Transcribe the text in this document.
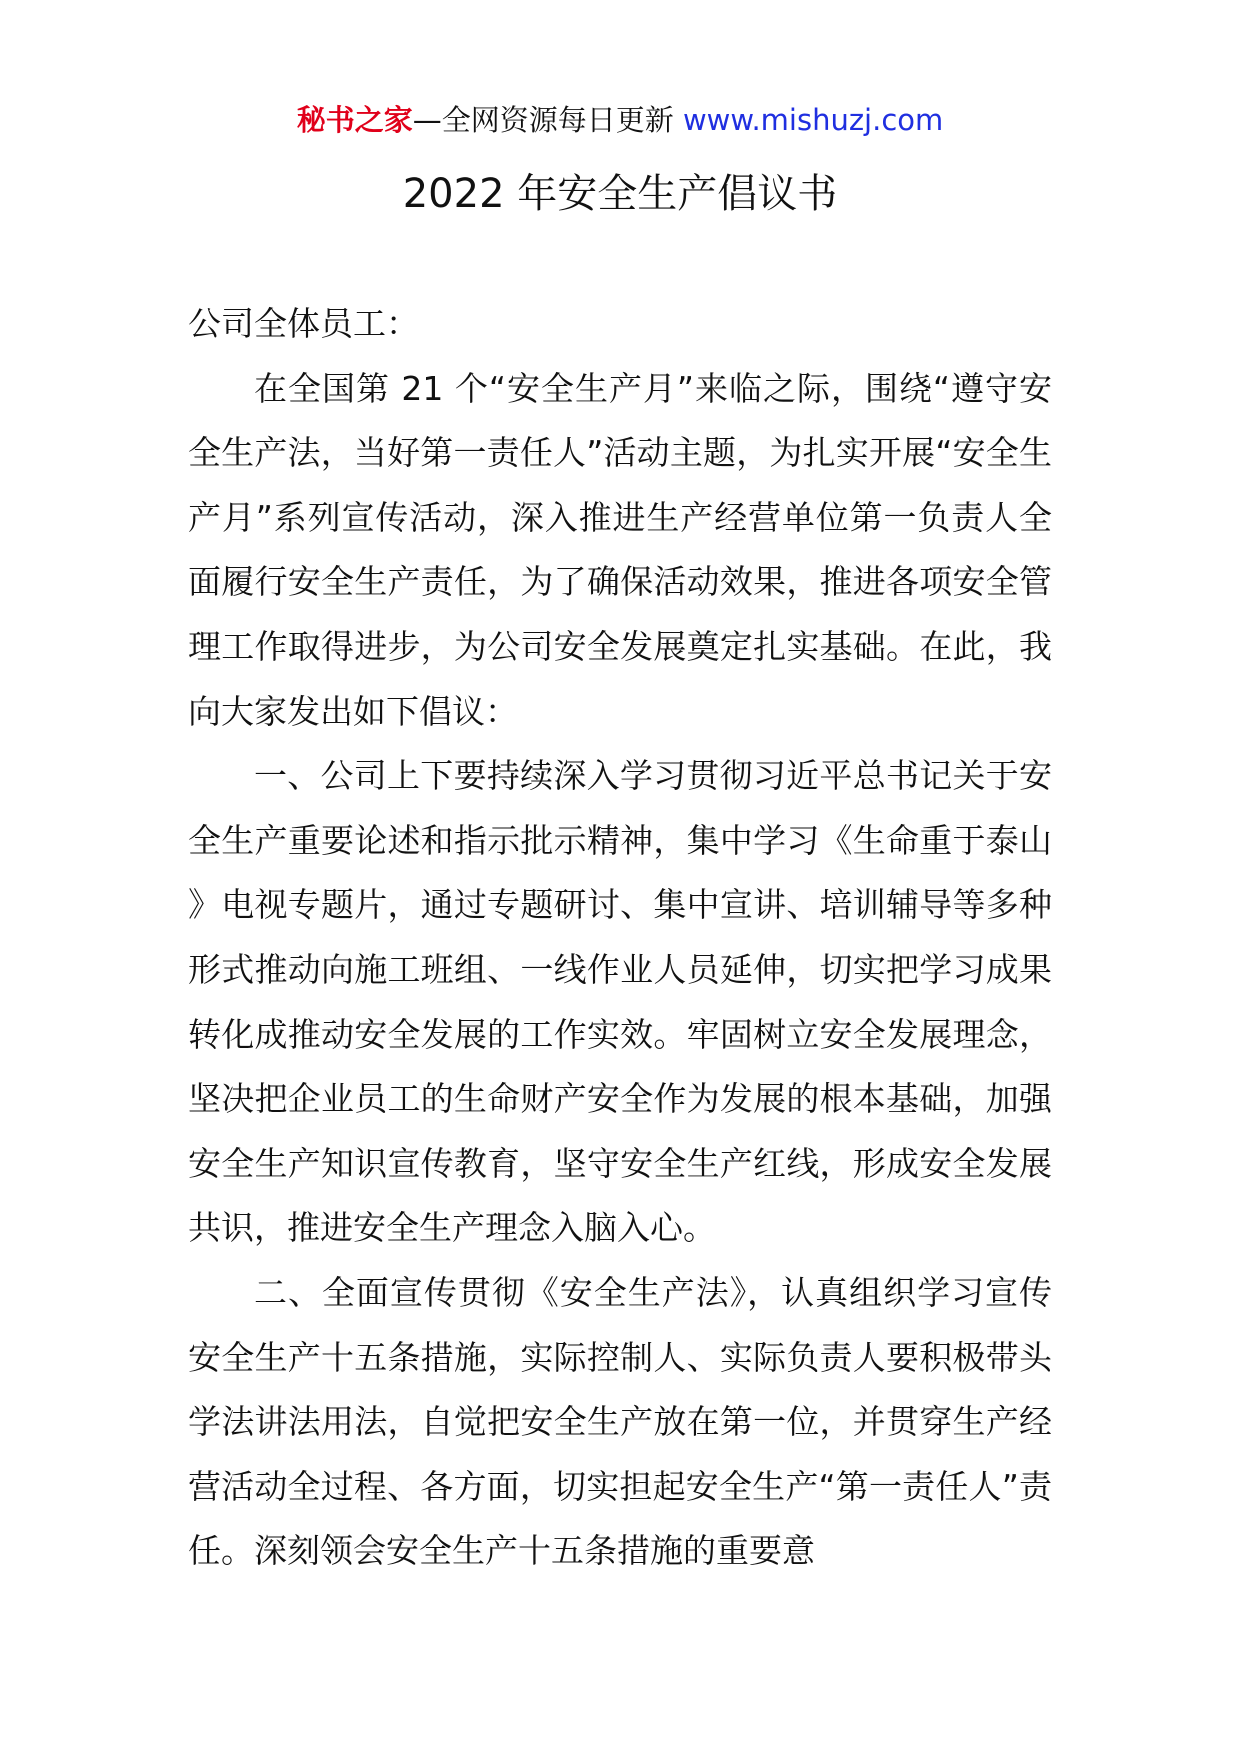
秘书之家—全网资源每日更新 www.mishuzj.com
2022 年安全生产倡议书

公司全体员工：

在全国第 21 个“安全生产月”来临之际，围绕“遵守安全生产法，当好第一责任人”活动主题，为扎实开展“安全生产月”系列宣传活动，深入推进生产经营单位第一负责人全面履行安全生产责任，为了确保活动效果，推进各项安全管理工作取得进步，为公司安全发展奠定扎实基础。在此，我向大家发出如下倡议：

一、公司上下要持续深入学习贯彻习近平总书记关于安全生产重要论述和指示批示精神，集中学习《生命重于泰山》电视专题片，通过专题研讨、集中宣讲、培训辅导等多种形式推动向施工班组、一线作业人员延伸，切实把学习成果转化成推动安全发展的工作实效。牢固树立安全发展理念，坚决把企业员工的生命财产安全作为发展的根本基础，加强安全生产知识宣传教育，坚守安全生产红线，形成安全发展共识，推进安全生产理念入脑入心。

二、全面宣传贯彻《安全生产法》，认真组织学习宣传安全生产十五条措施，实际控制人、实际负责人要积极带头学法讲法用法，自觉把安全生产放在第一位，并贯穿生产经营活动全过程、各方面，切实担起安全生产“第一责任人”责任。深刻领会安全生产十五条措施的重要意
